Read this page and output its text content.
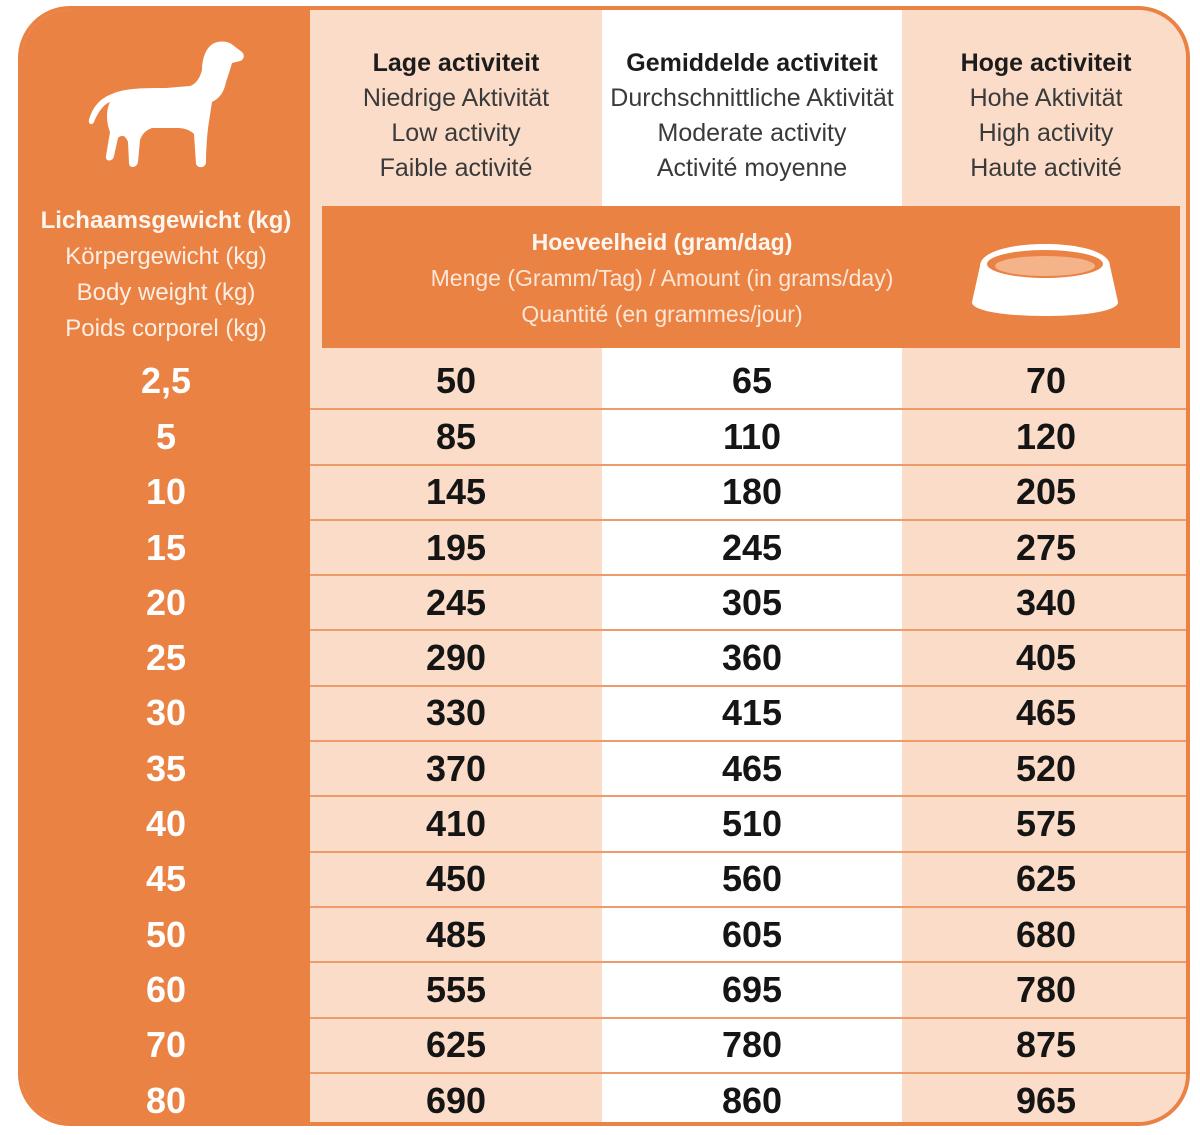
Lichaamsgewicht (kg)
Körpergewicht (kg)
Body weight (kg)
Poids corporel (kg)
Lage activiteit
Niedrige Aktivität
Low activity
Faible activité
Gemiddelde activiteit
Durchschnittliche Aktivität
Moderate activity
Activité moyenne
Hoge activiteit
Hohe Aktivität
High activity
Haute activité
Hoeveelheid (gram/dag)
Menge (Gramm/Tag) / Amount (in grams/day)
Quantité (en grammes/jour)
2,5	50	65	70
5	85	110	120
10	145	180	205
15	195	245	275
20	245	305	340
25	290	360	405
30	330	415	465
35	370	465	520
40	410	510	575
45	450	560	625
50	485	605	680
60	555	695	780
70	625	780	875
80	690	860	965
